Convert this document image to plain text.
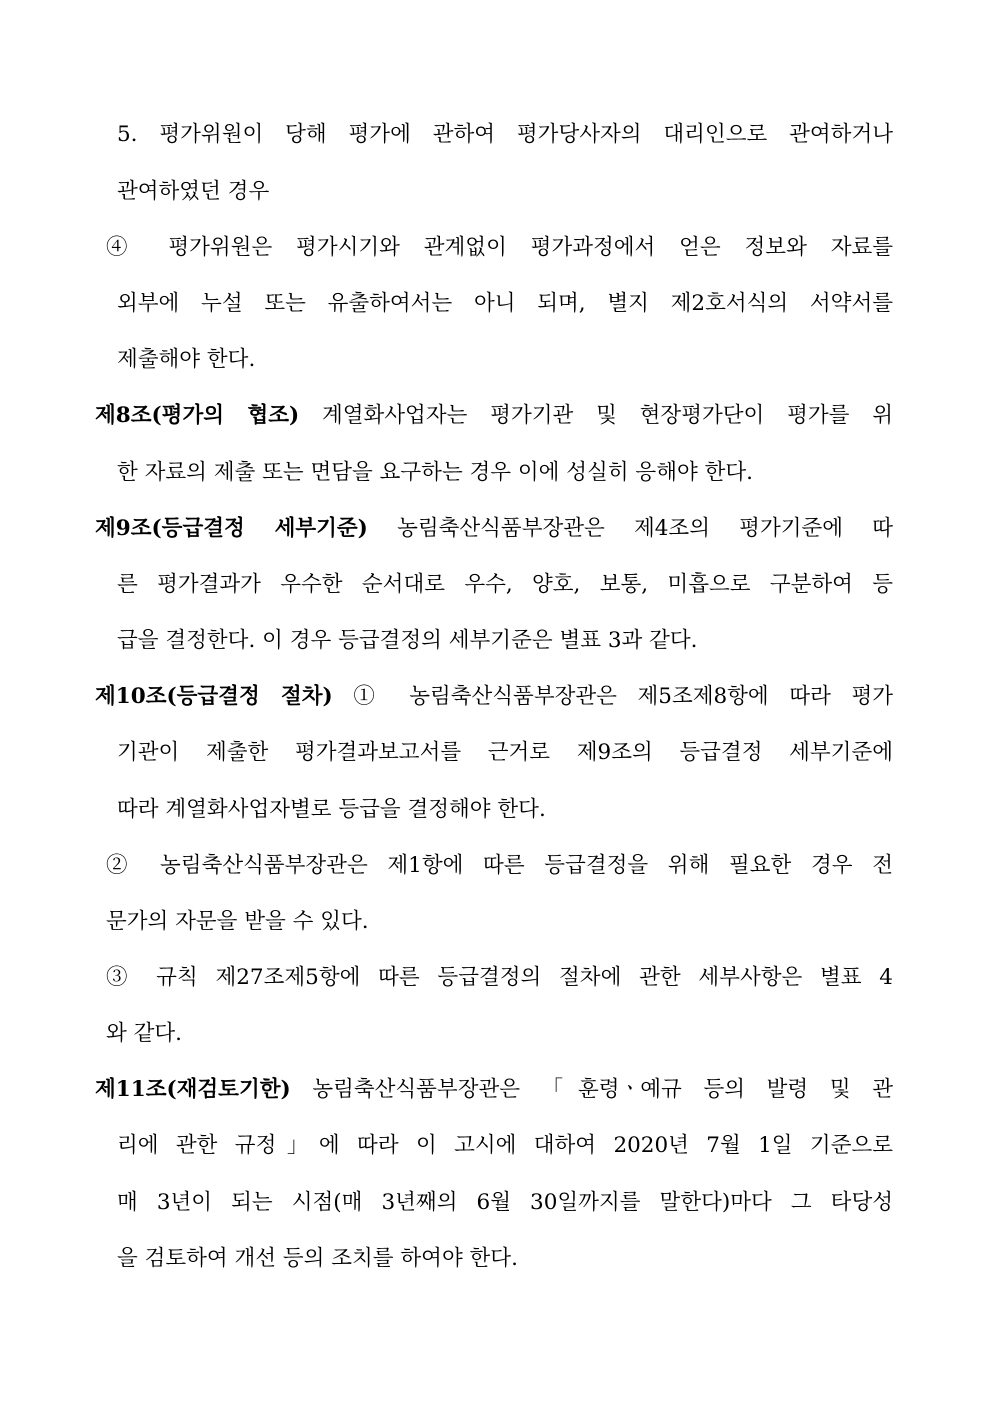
5. 평가위원이 당해 평가에 관하여 평가당사자의 대리인으로 관여하거나
관여하였던 경우
④ 평가위원은 평가시기와 관계없이 평가과정에서 얻은 정보와 자료를
외부에 누설 또는 유출하여서는 아니 되며, 별지 제2호서식의 서약서를
제출해야 한다.
제8조(평가의 협조) 계열화사업자는 평가기관 및 현장평가단이 평가를 위
한 자료의 제출 또는 면담을 요구하는 경우 이에 성실히 응해야 한다.
제9조(등급결정 세부기준) 농림축산식품부장관은 제4조의 평가기준에 따
른 평가결과가 우수한 순서대로 우수, 양호, 보통, 미흡으로 구분하여 등
급을 결정한다. 이 경우 등급결정의 세부기준은 별표 3과 같다.
제10조(등급결정 절차) ① 농림축산식품부장관은 제5조제8항에 따라 평가
기관이 제출한 평가결과보고서를 근거로 제9조의 등급결정 세부기준에
따라 계열화사업자별로 등급을 결정해야 한다.
② 농림축산식품부장관은 제1항에 따른 등급결정을 위해 필요한 경우 전
문가의 자문을 받을 수 있다.
③ 규칙 제27조제5항에 따른 등급결정의 절차에 관한 세부사항은 별표 4
와 같다.
제11조(재검토기한) 농림축산식품부장관은 「훈령ㆍ예규 등의 발령 및 관
리에 관한 규정」에 따라 이 고시에 대하여 2020년 7월 1일 기준으로
매 3년이 되는 시점(매 3년째의 6월 30일까지를 말한다)마다 그 타당성
을 검토하여 개선 등의 조치를 하여야 한다.
